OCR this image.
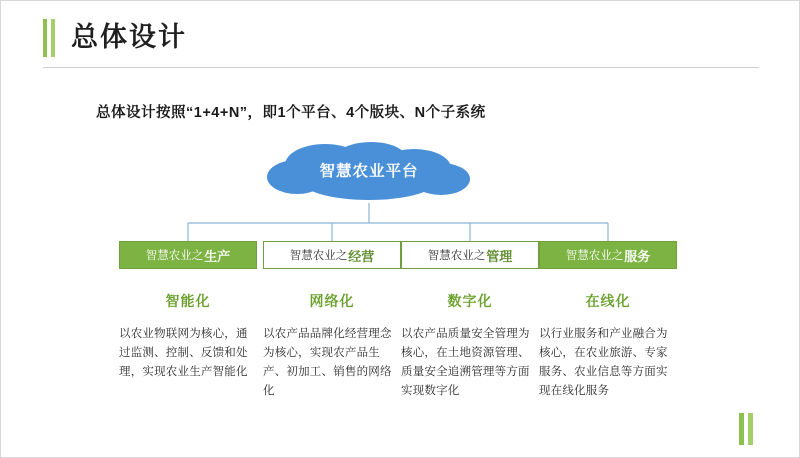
总体设计
总体设计按照“1+4+N”，即1个平台、4个版块、N个子系统
智慧农业平台
智慧农业之 生产
智能化
以农业物联网为核心，通过监测、控制、反馈和处理，实现农业生产智能化
智慧农业之 经营
网络化
以农产品品牌化经营理念为核心，实现农产品生产、初加工、销售的网络化
智慧农业之 管理
数字化
以农产品质量安全管理为核心，在土地资源管理、质量安全追溯管理等方面实现数字化
智慧农业之 服务
在线化
以行业服务和产业融合为核心，在农业旅游、专家服务、农业信息等方面实现在线化服务
